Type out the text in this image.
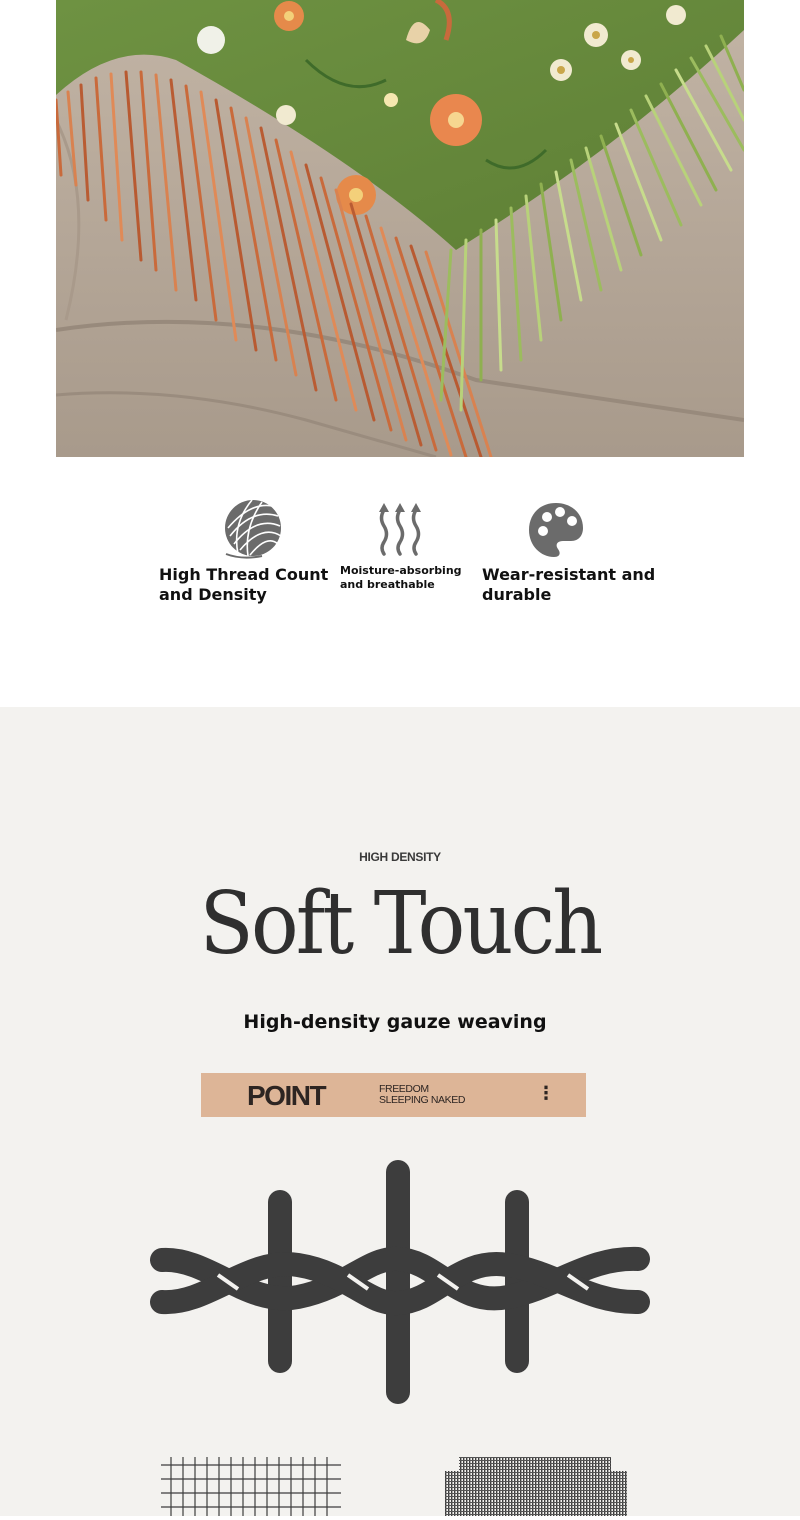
High Thread Count and Density
Moisture-absorbing and breathable
Wear-resistant and durable
HIGH DENSITY
Soft Touch
High-density gauze weaving
POINT	FREEDOM
SLEEPING NAKED	⋮
